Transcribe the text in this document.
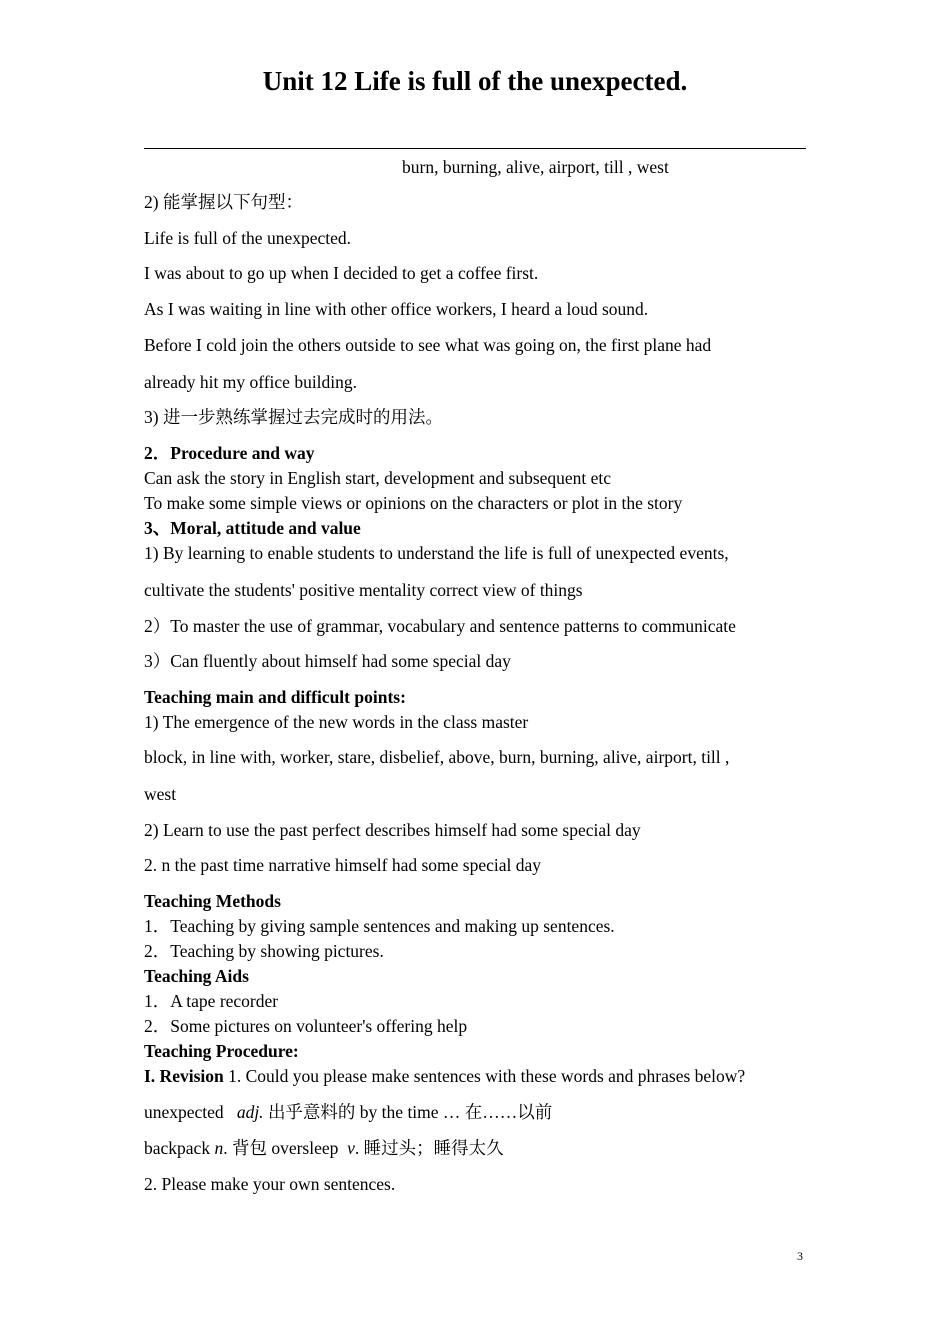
Unit 12 Life is full of the unexpected.
burn, burning, alive, airport, till , west
2) 能掌握以下句型：
Life is full of the unexpected.
I was about to go up when I decided to get a coffee first.
As I was waiting in line with other office workers, I heard a loud sound.
Before I cold join the others outside to see what was going on, the first plane had
already hit my office building.
3) 进一步熟练掌握过去完成时的用法。
2．Procedure and way
Can ask the story in English start, development and subsequent etc
To make some simple views or opinions on the characters or plot in the story
3、Moral, attitude and value
1) By learning to enable students to understand the life is full of unexpected events,
cultivate the students' positive mentality correct view of things
2）To master the use of grammar, vocabulary and sentence patterns to communicate
3）Can fluently about himself had some special day
Teaching main and difficult points:
1) The emergence of the new words in the class master
block, in line with, worker, stare, disbelief, above, burn, burning, alive, airport, till ,
west
2) Learn to use the past perfect describes himself had some special day
2. n the past time narrative himself had some special day
Teaching Methods
1．Teaching by giving sample sentences and making up sentences.
2．Teaching by showing pictures.
Teaching Aids
1．A tape recorder
2．Some pictures on volunteer's offering help
Teaching Procedure:
I. Revision 1. Could you please make sentences with these words and phrases below?
unexpected adj. 出乎意料的 by the time … 在……以前
backpack n. 背包 oversleep  v. 睡过头；睡得太久
2. Please make your own sentences.
3
